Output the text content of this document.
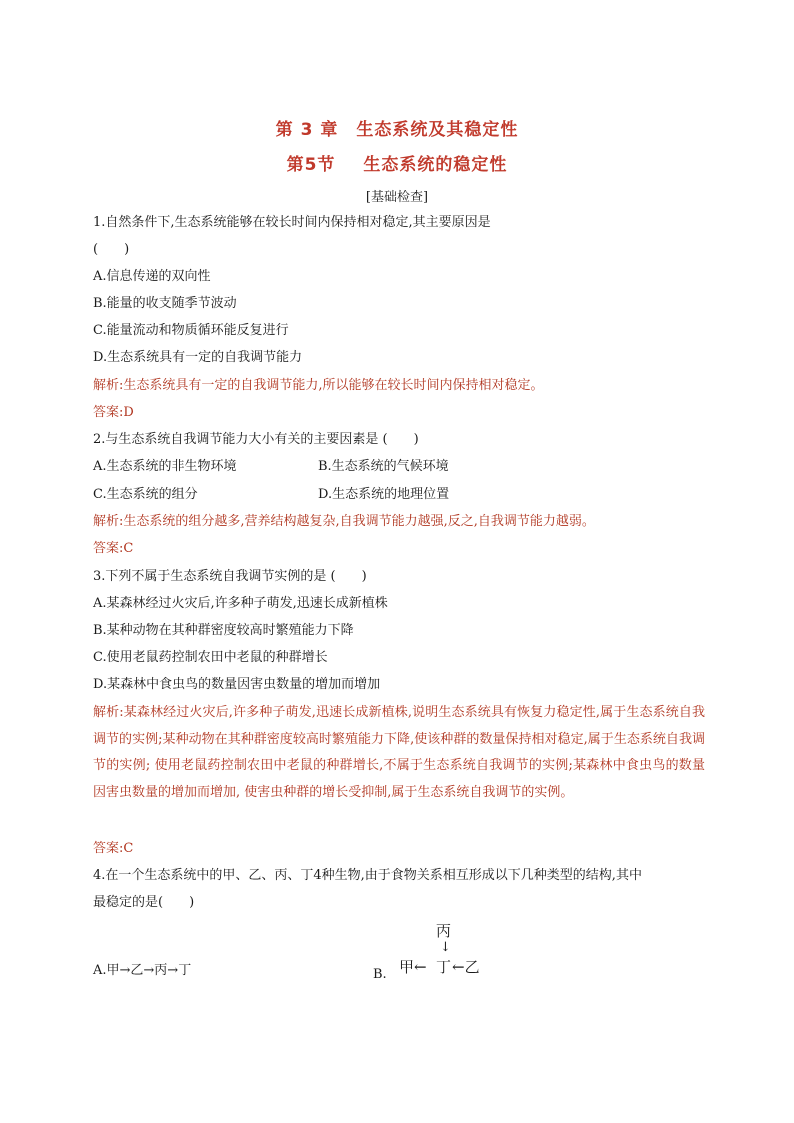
第 3 章　生态系统及其稳定性
第5节 生态系统的稳定性
[基础检查]
1.自然条件下,生态系统能够在较长时间内保持相对稳定,其主要原因是
(　　)
A.信息传递的双向性
B.能量的收支随季节波动
C.能量流动和物质循环能反复进行
D.生态系统具有一定的自我调节能力
解析:生态系统具有一定的自我调节能力,所以能够在较长时间内保持相对稳定。
答案:D
2.与生态系统自我调节能力大小有关的主要因素是 (　　)
A.生态系统的非生物环境	B.生态系统的气候环境
C.生态系统的组分	D.生态系统的地理位置
解析:生态系统的组分越多,营养结构越复杂,自我调节能力越强,反之,自我调节能力越弱。
答案:C
3.下列不属于生态系统自我调节实例的是 (　　)
A.某森林经过火灾后,许多种子萌发,迅速长成新植株
B.某种动物在其种群密度较高时繁殖能力下降
C.使用老鼠药控制农田中老鼠的种群增长
D.某森林中食虫鸟的数量因害虫数量的增加而增加
解析:某森林经过火灾后,许多种子萌发,迅速长成新植株,说明生态系统具有恢复力稳定性,属于生态系统自我调节的实例;某种动物在其种群密度较高时繁殖能力下降,使该种群的数量保持相对稳定,属于生态系统自我调节的实例; 使用老鼠药控制农田中老鼠的种群增长,不属于生态系统自我调节的实例;某森林中食虫鸟的数量因害虫数量的增加而增加, 使害虫种群的增长受抑制,属于生态系统自我调节的实例。
答案:C
4.在一个生态系统中的甲、乙、丙、丁4种生物,由于食物关系相互形成以下几种类型的结构,其中
最稳定的是(　　)
A.甲→乙→丙→丁	B.
丙
↓
甲← 丁 ←乙
